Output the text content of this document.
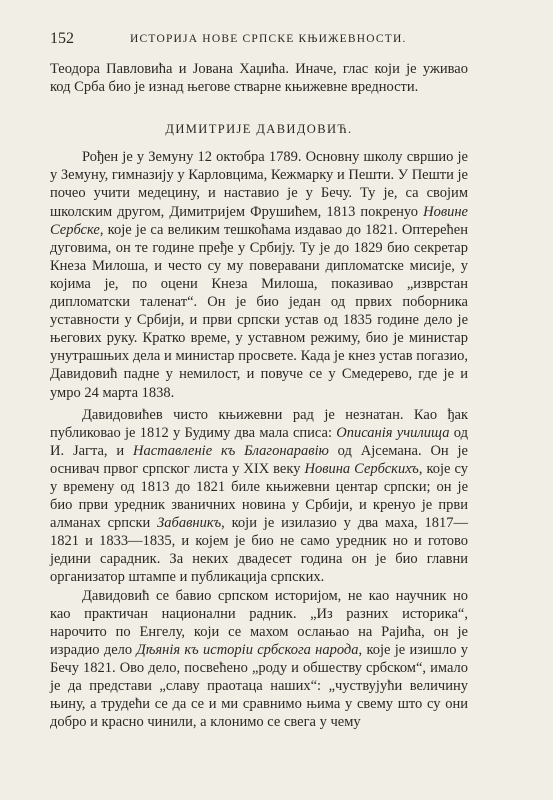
152	ИСТОРИЈА НОВЕ СРПСКЕ КЊИЖЕВНОСТИ.

Теодора Павловића и Јована Хаџића. Иначе, глас који је уживао код Срба био је изнад његове стварне књижевне вредности.

ДИМИТРИЈЕ ДАВИДОВИЋ.

Рођен је у Земуну 12 октобра 1789. Основну школу свршио је у Земуну, гимназију у Карловцима, Кежмарку и Пешти. У Пешти је почео учити медецину, и наставио је у Бечу. Ту је, са својим школским другом, Димитријем Фрушићем, 1813 покренуо Новине Сербске, које је са великим тешкоћама издавао до 1821. Оптерећен дуговима, он те године пређе у Србију. Ту је до 1829 био секретар Кнеза Милоша, и често су му поверавани дипломатске мисије, у којима је, по оцени Кнеза Милоша, показивао „изврстан дипломатски таленат“. Он је био један од првих поборника уставности у Србији, и први српски устав од 1835 године дело је његових руку. Кратко време, у уставном режиму, био је министар унутрашњих дела и министар просвете. Када је кнез устав погазио, Давидовић падне у немилост, и повуче се у Смедерево, где је и умро 24 марта 1838.

Давидовићев чисто књижевни рад је незнатан. Као ђак публиковао је 1812 у Будиму два мала списа: Описанія училища од И. Јагта, и Наставленіе къ Благонаравію од Ајсемана. Он је оснивач првог српског листа у XIX веку Новина Сербскихъ, које су у времену од 1813 до 1821 биле књижевни центар српски; он је био први уредник званичних новина у Србији, и кренуо је први алманах српски Забавникъ, који је изилазио у два маха, 1817—1821 и 1833—1835, и којем је био не само уредник но и готово једини сарадник. За неких двадесет година он је био главни организатор штампе и публикација српских.

Давидовић се бавио српском историјом, не као научник но као практичан национални радник. „Из разних историка“, нарочито по Енгелу, који се махом ослањао на Рајића, он је израдио дело Дѣянія къ исторіи србскога народа, које је изишло у Бечу 1821. Ово дело, посвећено „роду и обшеству србском“, имало је да представи „славу праотаца наших“: „чуствујући величину њину, а трудећи се да се и ми сравнимо њима у свему што су они добро и красно чинили, а клонимо се свега у чему
